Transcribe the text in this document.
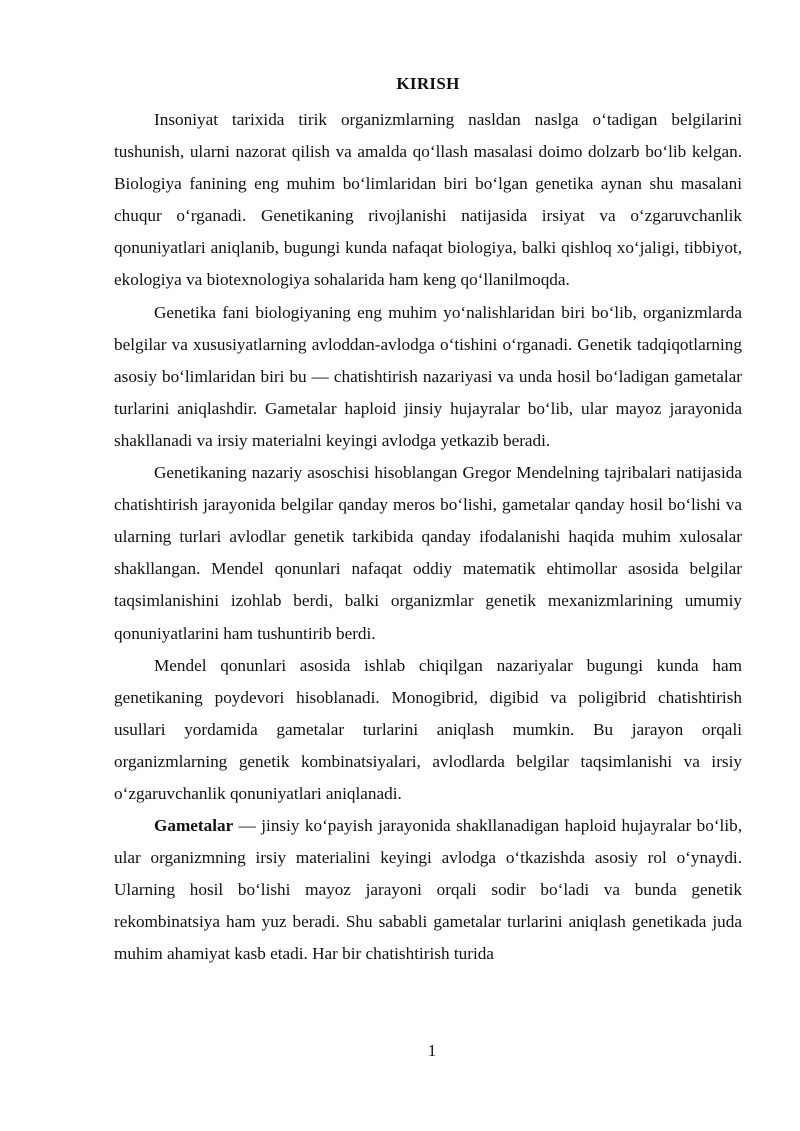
KIRISH

Insoniyat tarixida tirik organizmlarning nasldan naslga o‘tadigan belgilarini tushunish, ularni nazorat qilish va amalda qo‘llash masalasi doimo dolzarb bo‘lib kelgan. Biologiya fanining eng muhim bo‘limlaridan biri bo‘lgan genetika aynan shu masalani chuqur o‘rganadi. Genetikaning rivojlanishi natijasida irsiyat va o‘zgaruvchanlik qonuniyatlari aniqlanib, bugungi kunda nafaqat biologiya, balki qishloq xo‘jaligi, tibbiyot, ekologiya va biotexnologiya sohalarida ham keng qo‘llanilmoqda.

Genetika fani biologiyaning eng muhim yo‘nalishlaridan biri bo‘lib, organizmlarda belgilar va xususiyatlarning avloddan-avlodga o‘tishini o‘rganadi. Genetik tadqiqotlarning asosiy bo‘limlaridan biri bu — chatishtirish nazariyasi va unda hosil bo‘ladigan gametalar turlarini aniqlashdir. Gametalar haploid jinsiy hujayralar bo‘lib, ular mayoz jarayonida shakllanadi va irsiy materialni keyingi avlodga yetkazib beradi.

Genetikaning nazariy asoschisi hisoblangan Gregor Mendelning tajribalari natijasida chatishtirish jarayonida belgilar qanday meros bo‘lishi, gametalar qanday hosil bo‘lishi va ularning turlari avlodlar genetik tarkibida qanday ifodalanishi haqida muhim xulosalar shakllangan. Mendel qonunlari nafaqat oddiy matematik ehtimollar asosida belgilar taqsimlanishini izohlab berdi, balki organizmlar genetik mexanizmlarining umumiy qonuniyatlarini ham tushuntirib berdi.

Mendel qonunlari asosida ishlab chiqilgan nazariyalar bugungi kunda ham genetikaning poydevori hisoblanadi. Monogibrid, digibid va poligibrid chatishtirish usullari yordamida gametalar turlarini aniqlash mumkin. Bu jarayon orqali organizmlarning genetik kombinatsiyalari, avlodlarda belgilar taqsimlanishi va irsiy o‘zgaruvchanlik qonuniyatlari aniqlanadi.

Gametalar — jinsiy ko‘payish jarayonida shakllanadigan haploid hujayralar bo‘lib, ular organizmning irsiy materialini keyingi avlodga o‘tkazishda asosiy rol o‘ynaydi. Ularning hosil bo‘lishi mayoz jarayoni orqali sodir bo‘ladi va bunda genetik rekombinatsiya ham yuz beradi. Shu sababli gametalar turlarini aniqlash genetikada juda muhim ahamiyat kasb etadi. Har bir chatishtirish turida

1
